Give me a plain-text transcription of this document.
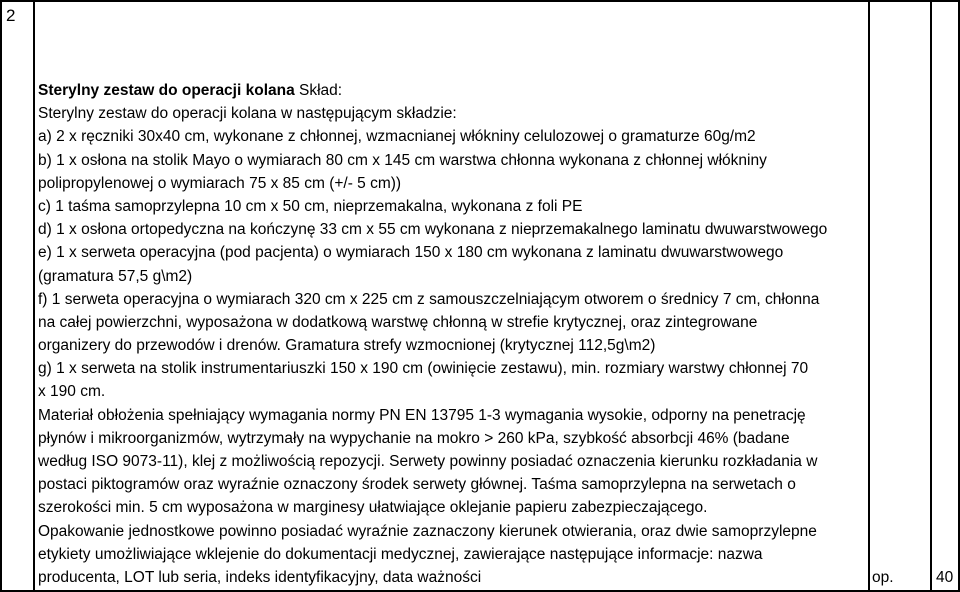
2
Sterylny zestaw do operacji kolana Skład:
Sterylny zestaw do operacji kolana w następującym składzie:
a) 2 x ręczniki 30x40 cm, wykonane z chłonnej, wzmacnianej włókniny celulozowej o gramaturze 60g/m2
b) 1 x osłona na stolik Mayo o wymiarach 80 cm x 145 cm warstwa chłonna wykonana z chłonnej włókniny
polipropylenowej o wymiarach 75 x 85 cm (+/- 5 cm))
c) 1 taśma samoprzylepna 10 cm x 50 cm, nieprzemakalna, wykonana z foli PE
d) 1 x osłona ortopedyczna na kończynę 33 cm x 55 cm wykonana z nieprzemakalnego laminatu dwuwarstwowego
e) 1 x serweta operacyjna (pod pacjenta) o wymiarach 150 x 180 cm wykonana z laminatu dwuwarstwowego
(gramatura 57,5 g\m2)
f) 1 serweta operacyjna o wymiarach 320 cm x 225 cm z samouszczelniającym otworem o średnicy 7 cm, chłonna
na całej powierzchni, wyposażona w dodatkową warstwę chłonną w strefie krytycznej, oraz zintegrowane
organizery do przewodów i drenów. Gramatura strefy wzmocnionej (krytycznej 112,5g\m2)
g) 1 x serweta na stolik instrumentariuszki 150 x 190 cm (owinięcie zestawu), min. rozmiary warstwy chłonnej 70
x 190 cm.
Materiał obłożenia spełniający wymagania normy PN EN 13795 1-3 wymagania wysokie, odporny na penetrację
płynów i mikroorganizmów, wytrzymały na wypychanie na mokro > 260 kPa, szybkość absorbcji 46% (badane
według ISO 9073-11), klej z możliwością repozycji. Serwety powinny posiadać oznaczenia kierunku rozkładania w
postaci piktogramów oraz wyraźnie oznaczony środek serwety głównej. Taśma samoprzylepna na serwetach o
szerokości min. 5 cm wyposażona w marginesy ułatwiające oklejanie papieru zabezpieczającego.
Opakowanie jednostkowe powinno posiadać wyraźnie zaznaczony kierunek otwierania, oraz dwie samoprzylepne
etykiety umożliwiające wklejenie do dokumentacji medycznej, zawierające następujące informacje: nazwa
producenta, LOT lub seria, indeks identyfikacyjny, data ważności	op.	40
